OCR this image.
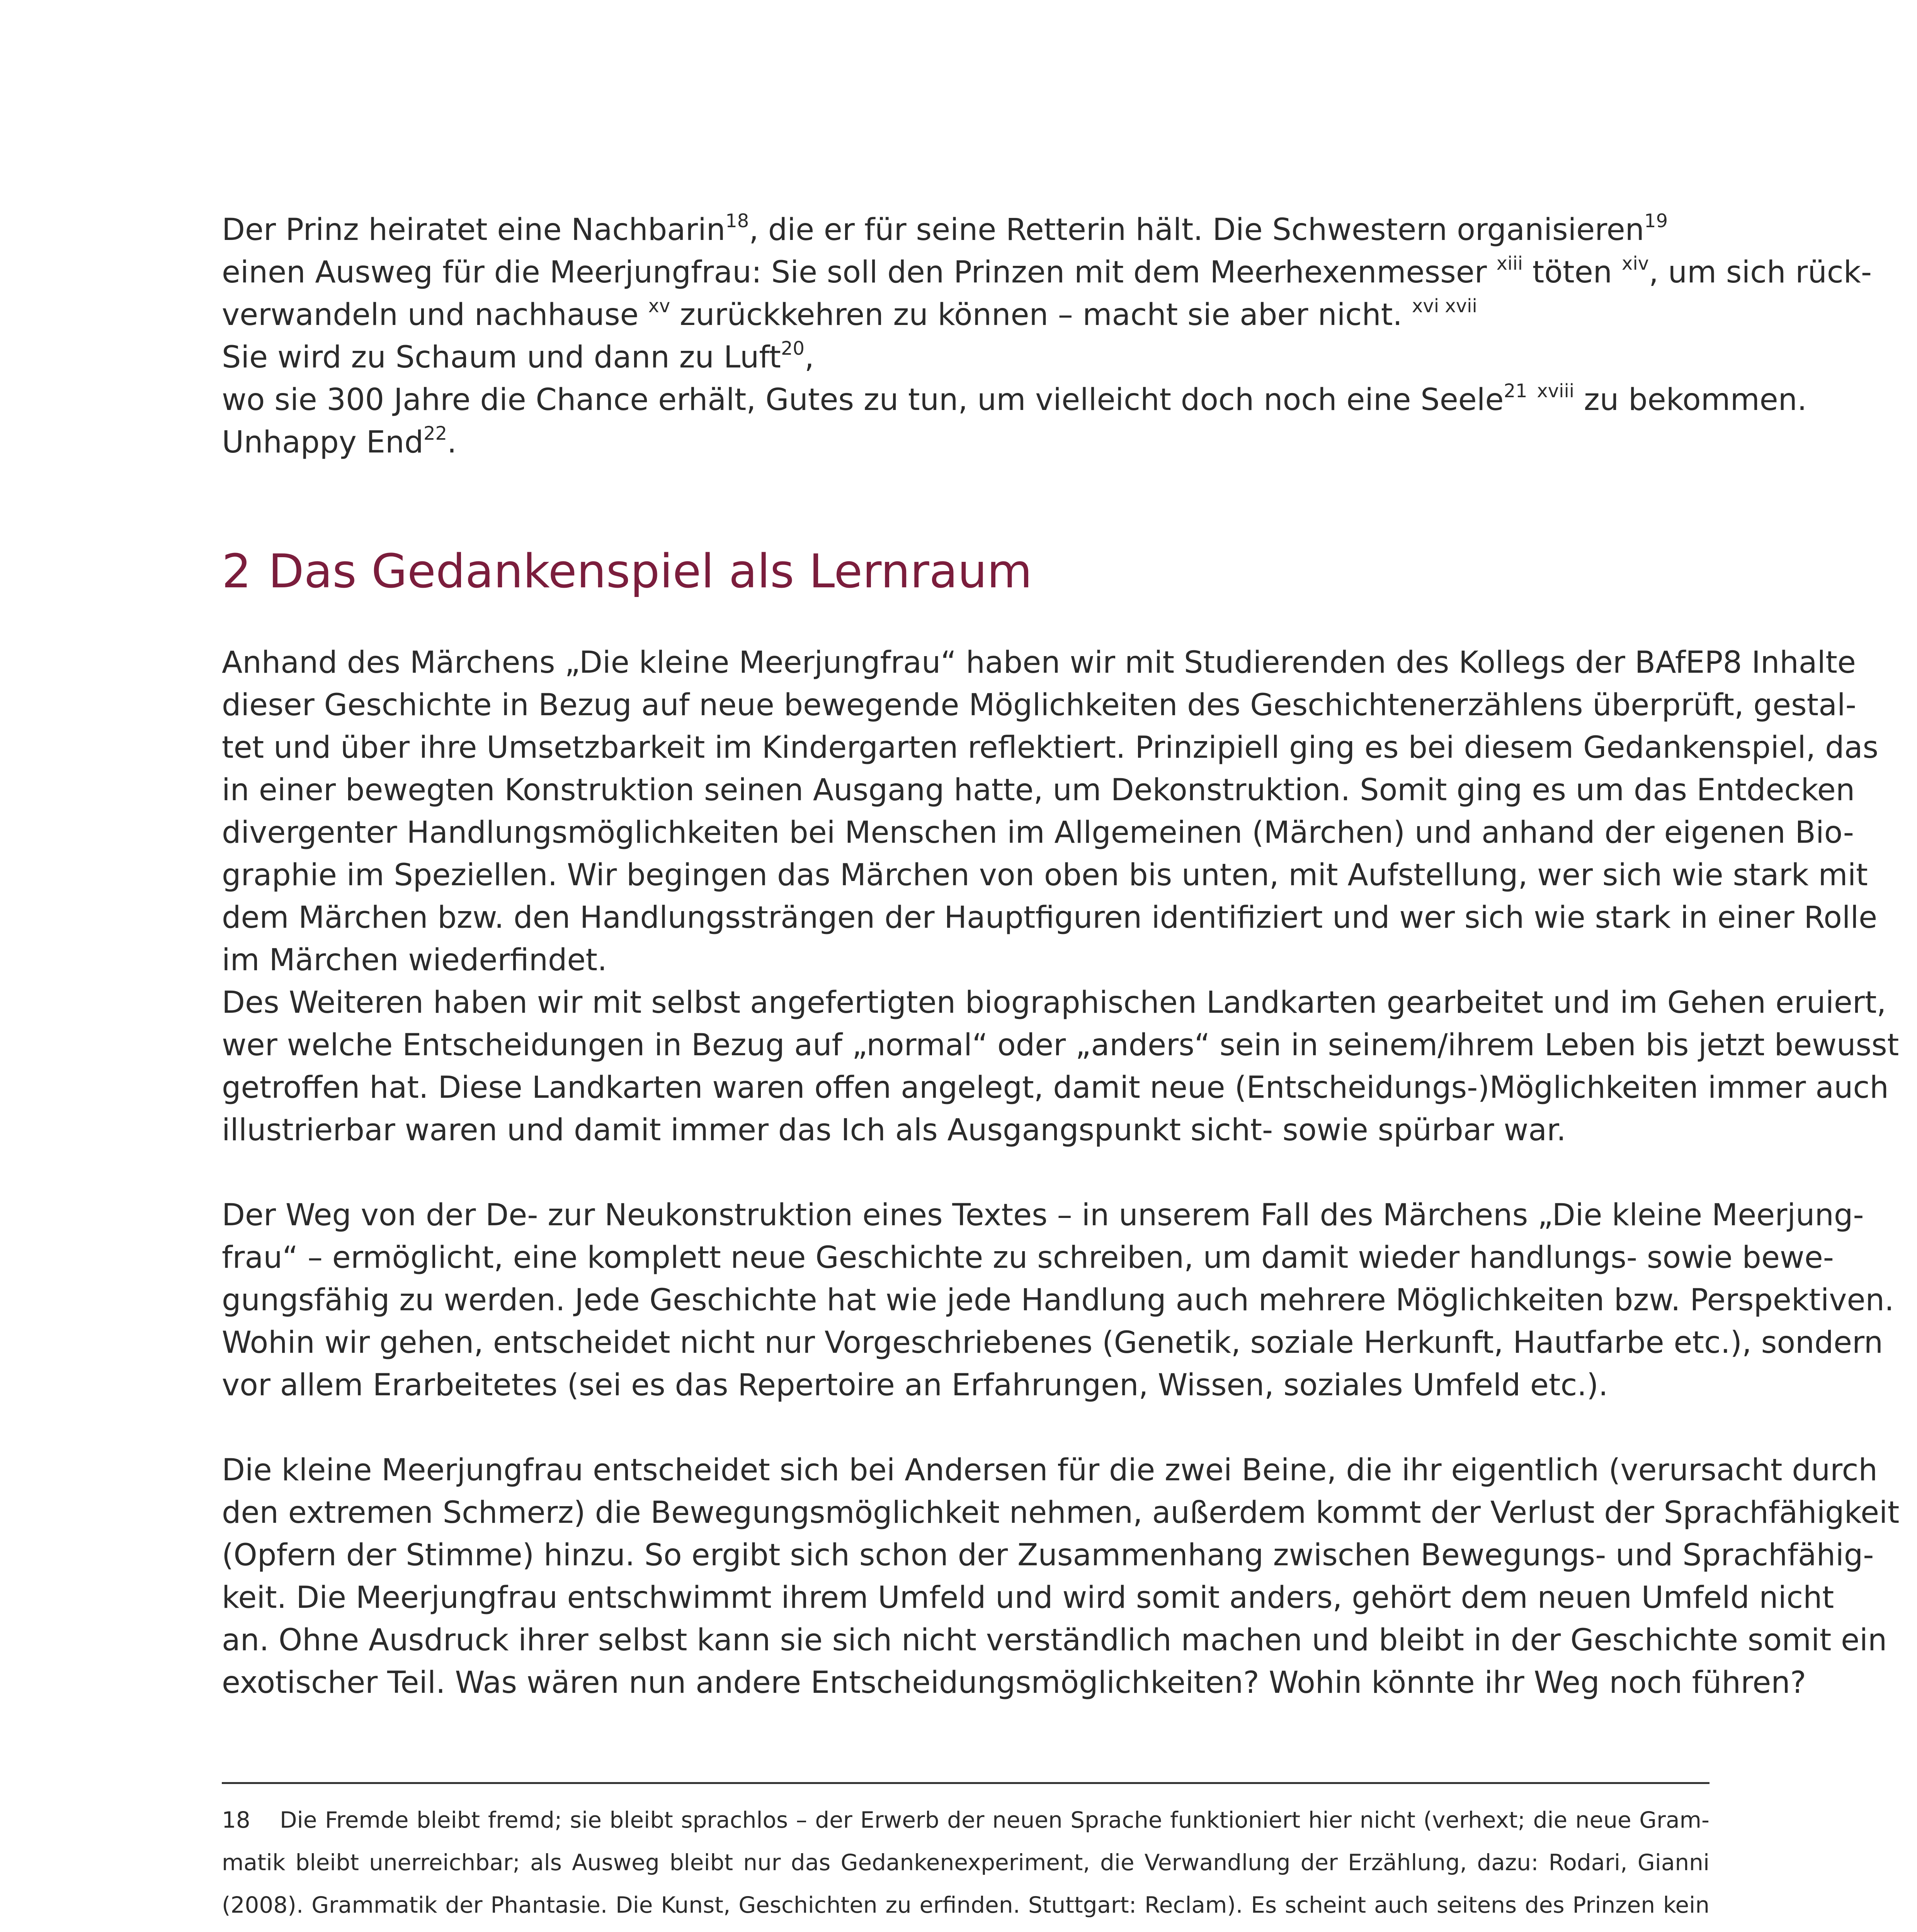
Der Prinz heiratet eine Nachbarin$^{18}$, die er für seine Retterin hält. Die Schwestern organisieren$^{19}$
einen Ausweg für die Meerjungfrau: Sie soll den Prinzen mit dem Meerhexenmesser $^{xiii}$ töten $^{xiv}$, um sich rück-
verwandeln und nachhause $^{xv}$ zurückkehren zu können – macht sie aber nicht. $^{xvi xvii}$
Sie wird zu Schaum und dann zu Luft$^{20}$,
wo sie 300 Jahre die Chance erhält, Gutes zu tun, um vielleicht doch noch eine Seele$^{21}$ $^{xviii}$ zu bekommen.
Unhappy End$^{22}$.
2 Das Gedankenspiel als Lernraum
Anhand des Märchens „Die kleine Meerjungfrau“ haben wir mit Studierenden des Kollegs der BAfEP8 Inhalte
dieser Geschichte in Bezug auf neue bewegende Möglichkeiten des Geschichtenerzählens überprüft, gestal-
tet und über ihre Umsetzbarkeit im Kindergarten reflektiert. Prinzipiell ging es bei diesem Gedankenspiel, das
in einer bewegten Konstruktion seinen Ausgang hatte, um Dekonstruktion. Somit ging es um das Entdecken
divergenter Handlungsmöglichkeiten bei Menschen im Allgemeinen (Märchen) und anhand der eigenen Bio-
graphie im Speziellen. Wir begingen das Märchen von oben bis unten, mit Aufstellung, wer sich wie stark mit
dem Märchen bzw. den Handlungssträngen der Hauptfiguren identifiziert und wer sich wie stark in einer Rolle
im Märchen wiederfindet.
Des Weiteren haben wir mit selbst angefertigten biographischen Landkarten gearbeitet und im Gehen eruiert,
wer welche Entscheidungen in Bezug auf „normal“ oder „anders“ sein in seinem/ihrem Leben bis jetzt bewusst
getroffen hat. Diese Landkarten waren offen angelegt, damit neue (Entscheidungs-)Möglichkeiten immer auch
illustrierbar waren und damit immer das Ich als Ausgangspunkt sicht- sowie spürbar war.
Der Weg von der De- zur Neukonstruktion eines Textes – in unserem Fall des Märchens „Die kleine Meerjung-
frau“ – ermöglicht, eine komplett neue Geschichte zu schreiben, um damit wieder handlungs- sowie bewe-
gungsfähig zu werden. Jede Geschichte hat wie jede Handlung auch mehrere Möglichkeiten bzw. Perspektiven.
Wohin wir gehen, entscheidet nicht nur Vorgeschriebenes (Genetik, soziale Herkunft, Hautfarbe etc.), sondern
vor allem Erarbeitetes (sei es das Repertoire an Erfahrungen, Wissen, soziales Umfeld etc.).
Die kleine Meerjungfrau entscheidet sich bei Andersen für die zwei Beine, die ihr eigentlich (verursacht durch
den extremen Schmerz) die Bewegungsmöglichkeit nehmen, außerdem kommt der Verlust der Sprachfähigkeit
(Opfern der Stimme) hinzu. So ergibt sich schon der Zusammenhang zwischen Bewegungs- und Sprachfähig-
keit. Die Meerjungfrau entschwimmt ihrem Umfeld und wird somit anders, gehört dem neuen Umfeld nicht
an. Ohne Ausdruck ihrer selbst kann sie sich nicht verständlich machen und bleibt in der Geschichte somit ein
exotischer Teil. Was wären nun andere Entscheidungsmöglichkeiten? Wohin könnte ihr Weg noch führen?
18 Die Fremde bleibt fremd; sie bleibt sprachlos – der Erwerb der neuen Sprache funktioniert hier nicht (verhext; die neue Gram-
matik bleibt unerreichbar; als Ausweg bleibt nur das Gedankenexperiment, die Verwandlung der Erzählung, dazu: Rodari, Gianni
(2008). Grammatik der Phantasie. Die Kunst, Geschichten zu erfinden. Stuttgart: Reclam). Es scheint auch seitens des Prinzen kein
